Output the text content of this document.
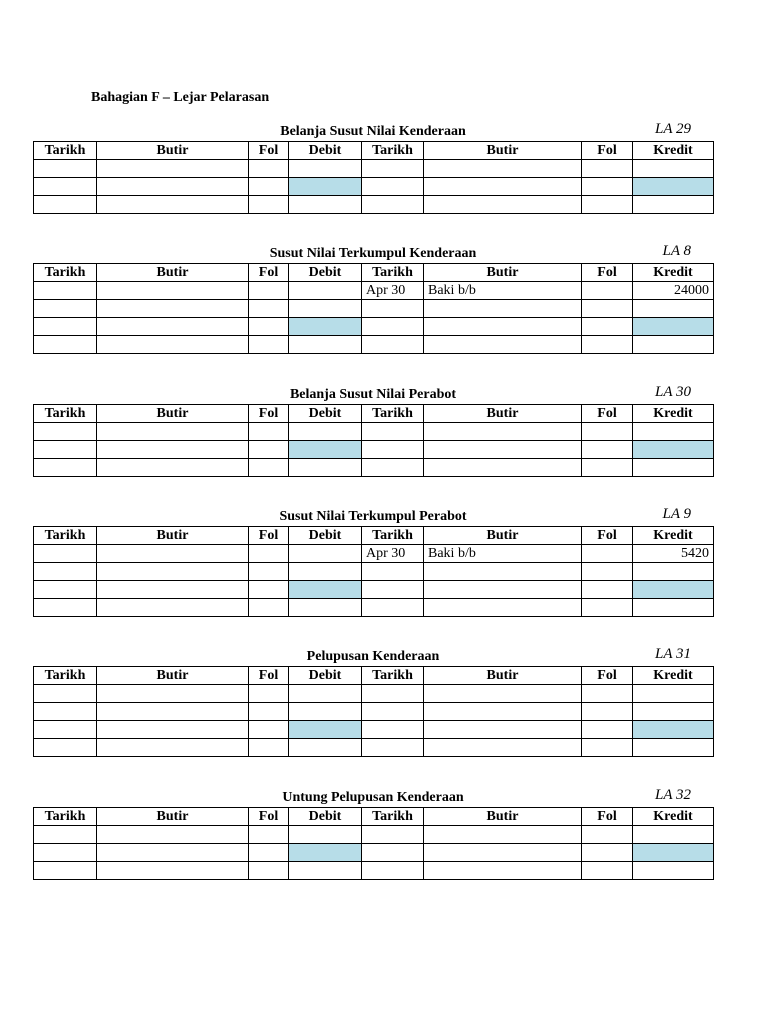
Bahagian F – Lejar Pelarasan
Belanja Susut Nilai Kenderaan	LA 29
Tarikh	Butir	Fol	Debit	Tarikh	Butir	Fol	Kredit

Susut Nilai Terkumpul Kenderaan	LA 8
Tarikh	Butir	Fol	Debit	Tarikh	Butir	Fol	Kredit
				Apr 30	Baki b/b		24000

Belanja Susut Nilai Perabot	LA 30
Tarikh	Butir	Fol	Debit	Tarikh	Butir	Fol	Kredit

Susut Nilai Terkumpul Perabot	LA 9
Tarikh	Butir	Fol	Debit	Tarikh	Butir	Fol	Kredit
				Apr 30	Baki b/b		5420

Pelupusan Kenderaan	LA 31
Tarikh	Butir	Fol	Debit	Tarikh	Butir	Fol	Kredit

Untung Pelupusan Kenderaan	LA 32
Tarikh	Butir	Fol	Debit	Tarikh	Butir	Fol	Kredit
